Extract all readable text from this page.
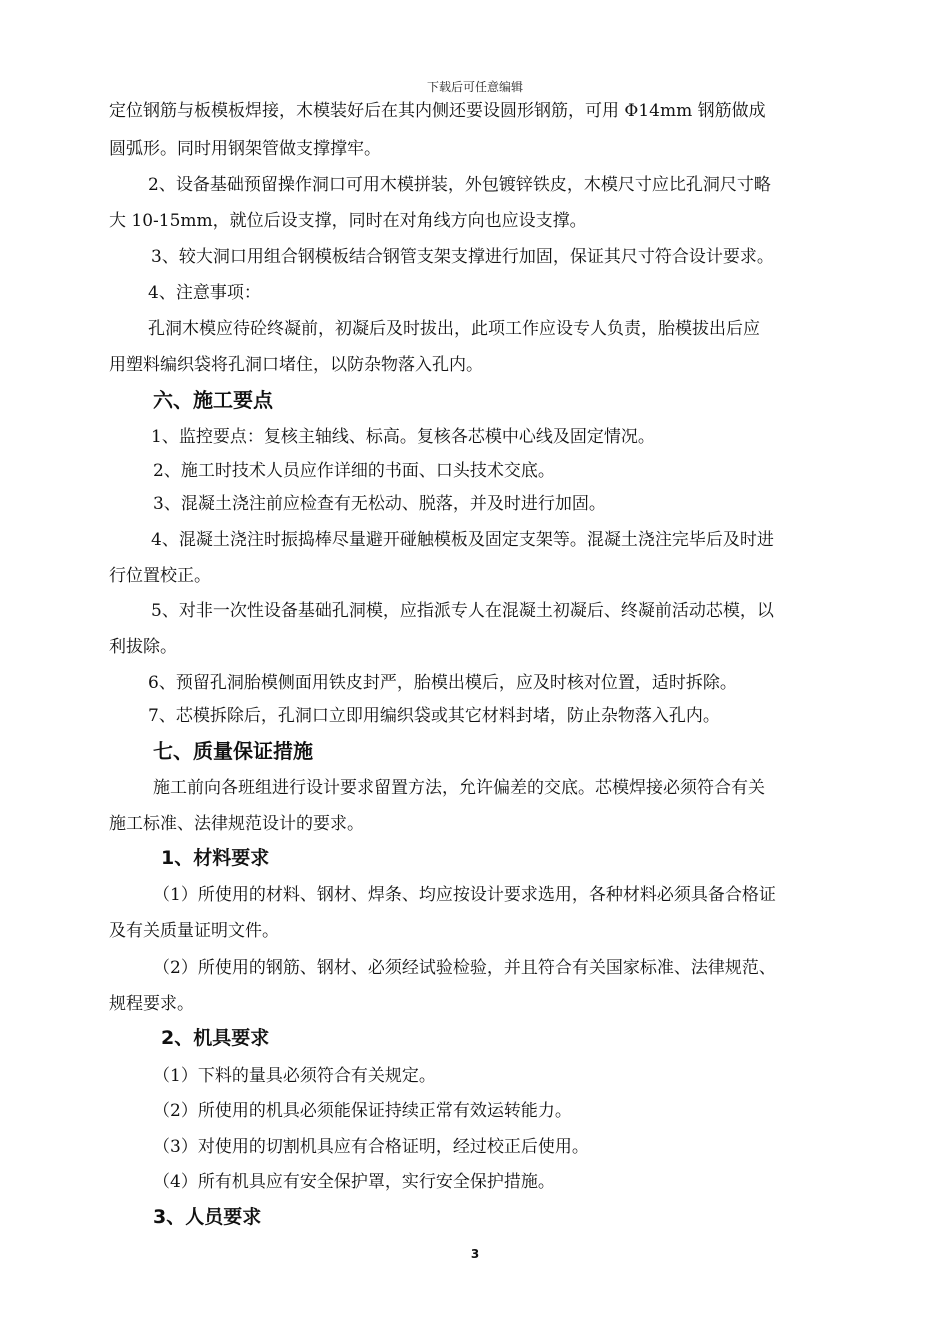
下载后可任意编辑
定位钢筋与板模板焊接，木模装好后在其内侧还要设圆形钢筋，可用 Φ14mm 钢筋做成
圆弧形。同时用钢架管做支撑撑牢。
2、设备基础预留操作洞口可用木模拼装，外包镀锌铁皮，木模尺寸应比孔洞尺寸略
大 10-15mm，就位后设支撑，同时在对角线方向也应设支撑。
3、较大洞口用组合钢模板结合钢管支架支撑进行加固，保证其尺寸符合设计要求。
4、注意事项：
孔洞木模应待砼终凝前，初凝后及时拔出，此项工作应设专人负责，胎模拔出后应
用塑料编织袋将孔洞口堵住，以防杂物落入孔内。
六、施工要点
1、监控要点：复核主轴线、标高。复核各芯模中心线及固定情况。
2、施工时技术人员应作详细的书面、口头技术交底。
3、混凝土浇注前应检查有无松动、脱落，并及时进行加固。
4、混凝土浇注时振捣棒尽量避开碰触模板及固定支架等。混凝土浇注完毕后及时进
行位置校正。
5、对非一次性设备基础孔洞模，应指派专人在混凝土初凝后、终凝前活动芯模，以
利拔除。
6、预留孔洞胎模侧面用铁皮封严，胎模出模后，应及时核对位置，适时拆除。
7、芯模拆除后，孔洞口立即用编织袋或其它材料封堵，防止杂物落入孔内。
七、质量保证措施
施工前向各班组进行设计要求留置方法，允许偏差的交底。芯模焊接必须符合有关
施工标准、法律规范设计的要求。
1、材料要求
（1）所使用的材料、钢材、焊条、均应按设计要求选用，各种材料必须具备合格证
及有关质量证明文件。
（2）所使用的钢筋、钢材、必须经试验检验，并且符合有关国家标准、法律规范、
规程要求。
2、机具要求
（1）下料的量具必须符合有关规定。
（2）所使用的机具必须能保证持续正常有效运转能力。
（3）对使用的切割机具应有合格证明，经过校正后使用。
（4）所有机具应有安全保护罩，实行安全保护措施。
3、人员要求
3
